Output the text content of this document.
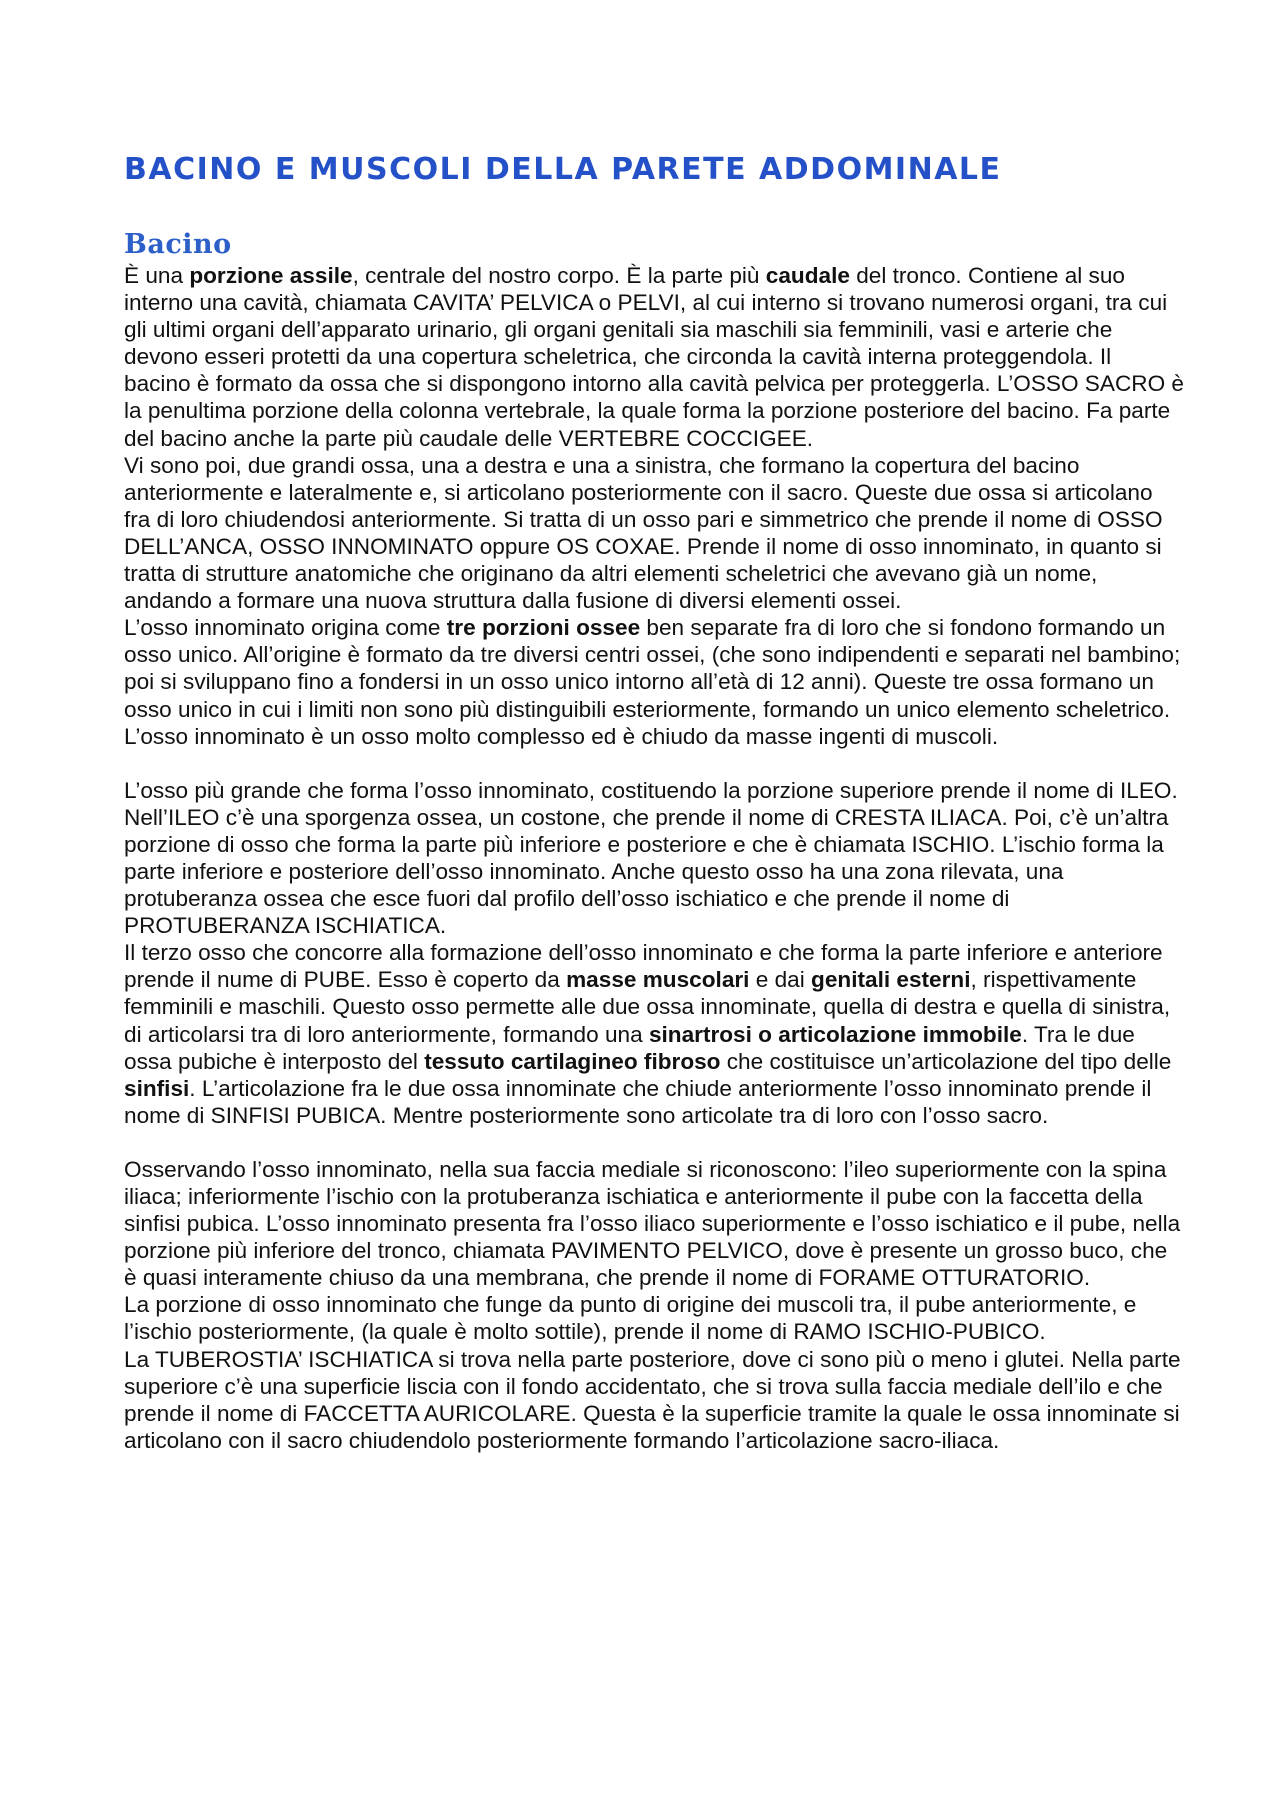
BACINO E MUSCOLI DELLA PARETE ADDOMINALE
Bacino

È una porzione assile, centrale del nostro corpo. È la parte più caudale del tronco. Contiene al suo interno una cavità, chiamata CAVITA’ PELVICA o PELVI, al cui interno si trovano numerosi organi, tra cui gli ultimi organi dell’apparato urinario, gli organi genitali sia maschili sia femminili, vasi e arterie che devono esseri protetti da una copertura scheletrica, che circonda la cavità interna proteggendola. Il bacino è formato da ossa che si dispongono intorno alla cavità pelvica per proteggerla. L’OSSO SACRO è la penultima porzione della colonna vertebrale, la quale forma la porzione posteriore del bacino. Fa parte del bacino anche la parte più caudale delle VERTEBRE COCCIGEE.

Vi sono poi, due grandi ossa, una a destra e una a sinistra, che formano la copertura del bacino anteriormente e lateralmente e, si articolano posteriormente con il sacro. Queste due ossa si articolano fra di loro chiudendosi anteriormente. Si tratta di un osso pari e simmetrico che prende il nome di OSSO DELL’ANCA, OSSO INNOMINATO oppure OS COXAE. Prende il nome di osso innominato, in quanto si tratta di strutture anatomiche che originano da altri elementi scheletrici che avevano già un nome, andando a formare una nuova struttura dalla fusione di diversi elementi ossei.

L’osso innominato origina come tre porzioni ossee ben separate fra di loro che si fondono formando un osso unico. All’origine è formato da tre diversi centri ossei, (che sono indipendenti e separati nel bambino; poi si sviluppano fino a fondersi in un osso unico intorno all’età di 12 anni). Queste tre ossa formano un osso unico in cui i limiti non sono più distinguibili esteriormente, formando un unico elemento scheletrico.

L’osso innominato è un osso molto complesso ed è chiudo da masse ingenti di muscoli.

L’osso più grande che forma l’osso innominato, costituendo la porzione superiore prende il nome di ILEO. Nell’ILEO c’è una sporgenza ossea, un costone, che prende il nome di CRESTA ILIACA. Poi, c’è un’altra porzione di osso che forma la parte più inferiore e posteriore e che è chiamata ISCHIO. L’ischio forma la parte inferiore e posteriore dell’osso innominato. Anche questo osso ha una zona rilevata, una protuberanza ossea che esce fuori dal profilo dell’osso ischiatico e che prende il nome di PROTUBERANZA ISCHIATICA.

Il terzo osso che concorre alla formazione dell’osso innominato e che forma la parte inferiore e anteriore prende il nume di PUBE. Esso è coperto da masse muscolari e dai genitali esterni, rispettivamente femminili e maschili. Questo osso permette alle due ossa innominate, quella di destra e quella di sinistra, di articolarsi tra di loro anteriormente, formando una sinartrosi o articolazione immobile. Tra le due ossa pubiche è interposto del tessuto cartilagineo fibroso che costituisce un’articolazione del tipo delle sinfisi. L’articolazione fra le due ossa innominate che chiude anteriormente l’osso innominato prende il nome di SINFISI PUBICA. Mentre posteriormente sono articolate tra di loro con l’osso sacro.

Osservando l’osso innominato, nella sua faccia mediale si riconoscono: l’ileo superiormente con la spina iliaca; inferiormente l’ischio con la protuberanza ischiatica e anteriormente il pube con la faccetta della sinfisi pubica. L’osso innominato presenta fra l’osso iliaco superiormente e l’osso ischiatico e il pube, nella porzione più inferiore del tronco, chiamata PAVIMENTO PELVICO, dove è presente un grosso buco, che è quasi interamente chiuso da una membrana, che prende il nome di FORAME OTTURATORIO.

La porzione di osso innominato che funge da punto di origine dei muscoli tra, il pube anteriormente, e l’ischio posteriormente, (la quale è molto sottile), prende il nome di RAMO ISCHIO-PUBICO.

La TUBEROSTIA’ ISCHIATICA si trova nella parte posteriore, dove ci sono più o meno i glutei. Nella parte superiore c’è una superficie liscia con il fondo accidentato, che si trova sulla faccia mediale dell’ilo e che prende il nome di FACCETTA AURICOLARE. Questa è la superficie tramite la quale le ossa innominate si articolano con il sacro chiudendolo posteriormente formando l’articolazione sacro-iliaca.
